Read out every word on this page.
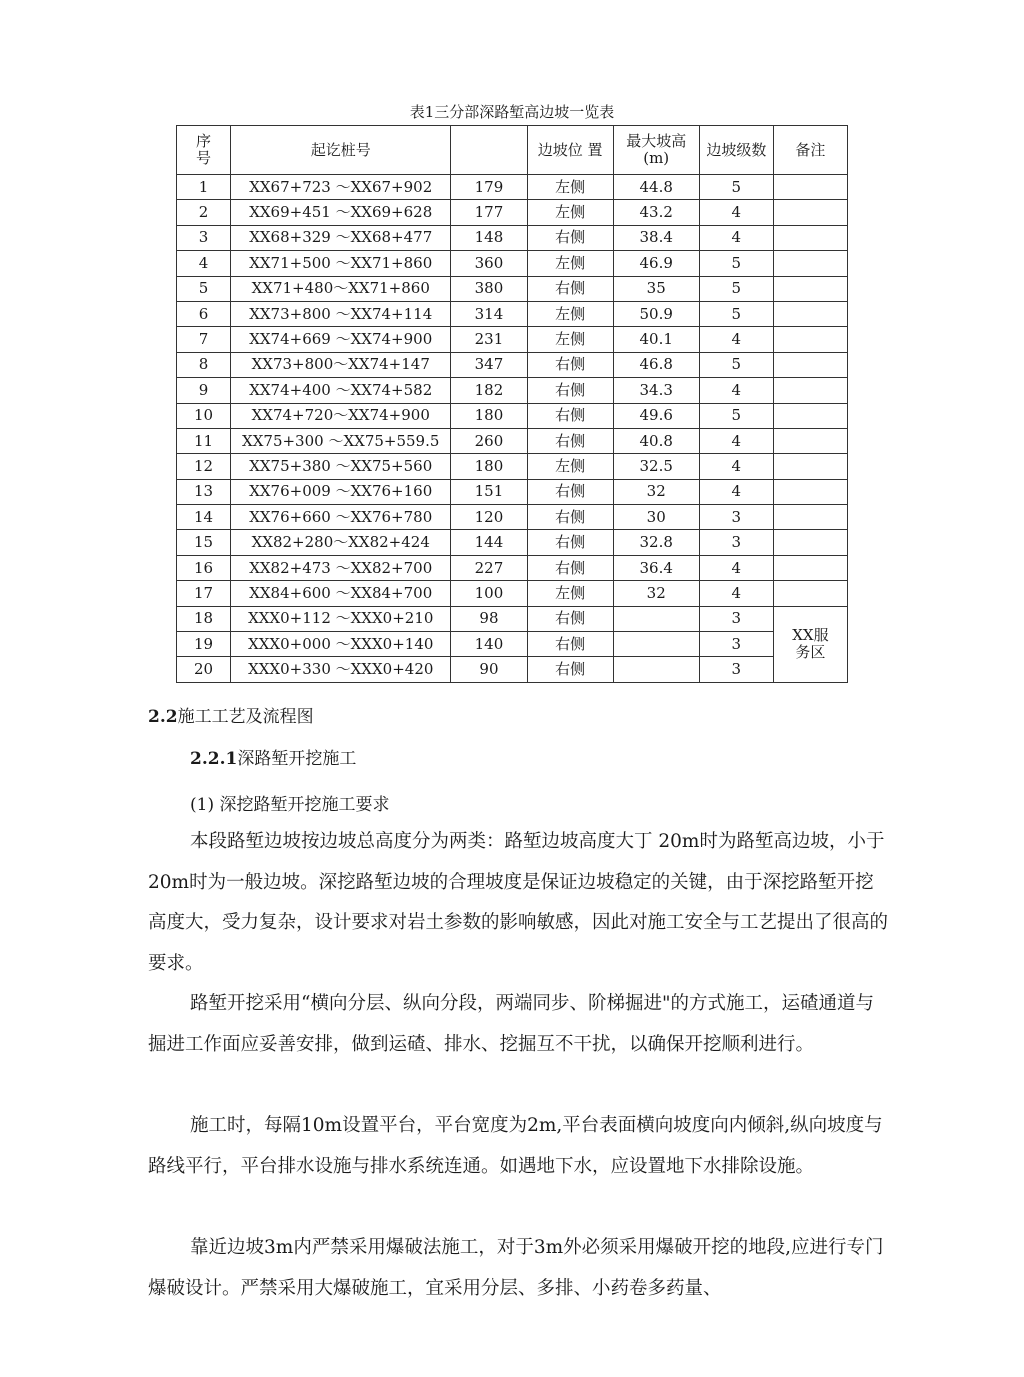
表1三分部深路堑高边坡一览表
序号	起讫桩号		边坡位 置	最大坡高(m)	边坡级数	备注
1	XX67+723 ～XX67+902	179	左侧	44.8	5	
2	XX69+451 ～XX69+628	177	左侧	43.2	4	
3	XX68+329 ～XX68+477	148	右侧	38.4	4	
4	XX71+500 ～XX71+860	360	左侧	46.9	5	
5	XX71+480～XX71+860	380	右侧	35	5	
6	XX73+800 ～XX74+114	314	左侧	50.9	5	
7	XX74+669 ～XX74+900	231	左侧	40.1	4	
8	XX73+800～XX74+147	347	右侧	46.8	5	
9	XX74+400 ～XX74+582	182	右侧	34.3	4	
10	XX74+720～XX74+900	180	右侧	49.6	5	
11	XX75+300 ～XX75+559.5	260	右侧	40.8	4	
12	XX75+380 ～XX75+560	180	左侧	32.5	4	
13	XX76+009 ～XX76+160	151	右侧	32	4	
14	XX76+660 ～XX76+780	120	右侧	30	3	
15	XX82+280～XX82+424	144	右侧	32.8	3	
16	XX82+473 ～XX82+700	227	右侧	36.4	4	
17	XX84+600 ～XX84+700	100	左侧	32	4	
18	XXX0+112 ～XXX0+210	98	右侧		3	XX服务区
19	XXX0+000 ～XXX0+140	140	右侧		3	
20	XXX0+330 ～XXX0+420	90	右侧		3	
2.2施工工艺及流程图
2.2.1深路堑开挖施工
(1) 深挖路堑开挖施工要求
本段路堑边坡按边坡总高度分为两类：路堑边坡高度大丁 20m时为路堑高边坡，小于20m时为一般边坡。深挖路堑边坡的合理坡度是保证边坡稳定的关键，由于深挖路堑开挖高度大，受力复杂，设计要求对岩土参数的影响敏感，因此对施工安全与工艺提出了很高的要求。
路堑开挖采用“横向分层、纵向分段，两端同步、阶梯掘进"的方式施工，运碴通道与掘进工作面应妥善安排，做到运碴、排水、挖掘互不干扰，以确保开挖顺利进行。
施工时，每隔10m设置平台，平台宽度为2m,平台表面横向坡度向内倾斜,纵向坡度与路线平行，平台排水设施与排水系统连通。如遇地下水，应设置地下水排除设施。
靠近边坡3m内严禁采用爆破法施工，对于3m外必须采用爆破开挖的地段,应进行专门爆破设计。严禁采用大爆破施工，宜采用分层、多排、小药卷多药量、
